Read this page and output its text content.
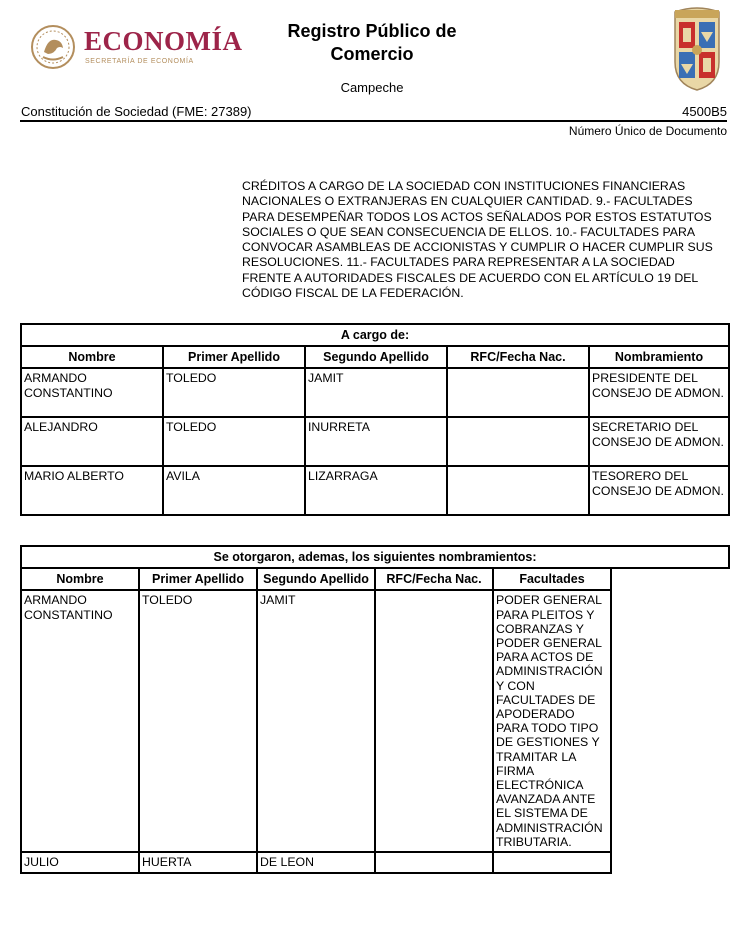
ECONOMÍA
SECRETARÍA DE ECONOMÍA
Registro Público de
Comercio
Campeche
Constitución de Sociedad (FME: 27389)	4500B5
Número Único de Documento
CRÉDITOS A CARGO DE LA SOCIEDAD CON INSTITUCIONES FINANCIERAS NACIONALES O EXTRANJERAS EN CUALQUIER CANTIDAD. 9.- FACULTADES PARA DESEMPEÑAR TODOS LOS ACTOS SEÑALADOS POR ESTOS ESTATUTOS SOCIALES O QUE SEAN CONSECUENCIA DE ELLOS. 10.- FACULTADES PARA CONVOCAR ASAMBLEAS DE ACCIONISTAS Y CUMPLIR O HACER CUMPLIR SUS RESOLUCIONES. 11.- FACULTADES PARA REPRESENTAR A LA SOCIEDAD FRENTE A AUTORIDADES FISCALES DE ACUERDO CON EL ARTÍCULO 19 DEL CÓDIGO FISCAL DE LA FEDERACIÓN.
A cargo de:				
Nombre	Primer Apellido	Segundo Apellido	RFC/Fecha Nac.	Nombramiento
ARMANDO CONSTANTINO	TOLEDO	JAMIT		PRESIDENTE DEL CONSEJO DE ADMON.
ALEJANDRO	TOLEDO	INURRETA		SECRETARIO DEL CONSEJO DE ADMON.
MARIO ALBERTO	AVILA	LIZARRAGA		TESORERO DEL CONSEJO DE ADMON.
Se otorgaron, ademas, los siguientes nombramientos:					
Nombre	Primer Apellido	Segundo Apellido	RFC/Fecha Nac.	Facultades	
ARMANDO CONSTANTINO	TOLEDO	JAMIT		PODER GENERAL PARA PLEITOS Y COBRANZAS Y PODER GENERAL PARA ACTOS DE ADMINISTRACIÓN Y CON FACULTADES DE APODERADO PARA TODO TIPO DE GESTIONES Y TRAMITAR LA FIRMA ELECTRÓNICA AVANZADA ANTE EL SISTEMA DE ADMINISTRACIÓN TRIBUTARIA.	
JULIO	HUERTA	DE LEON			
